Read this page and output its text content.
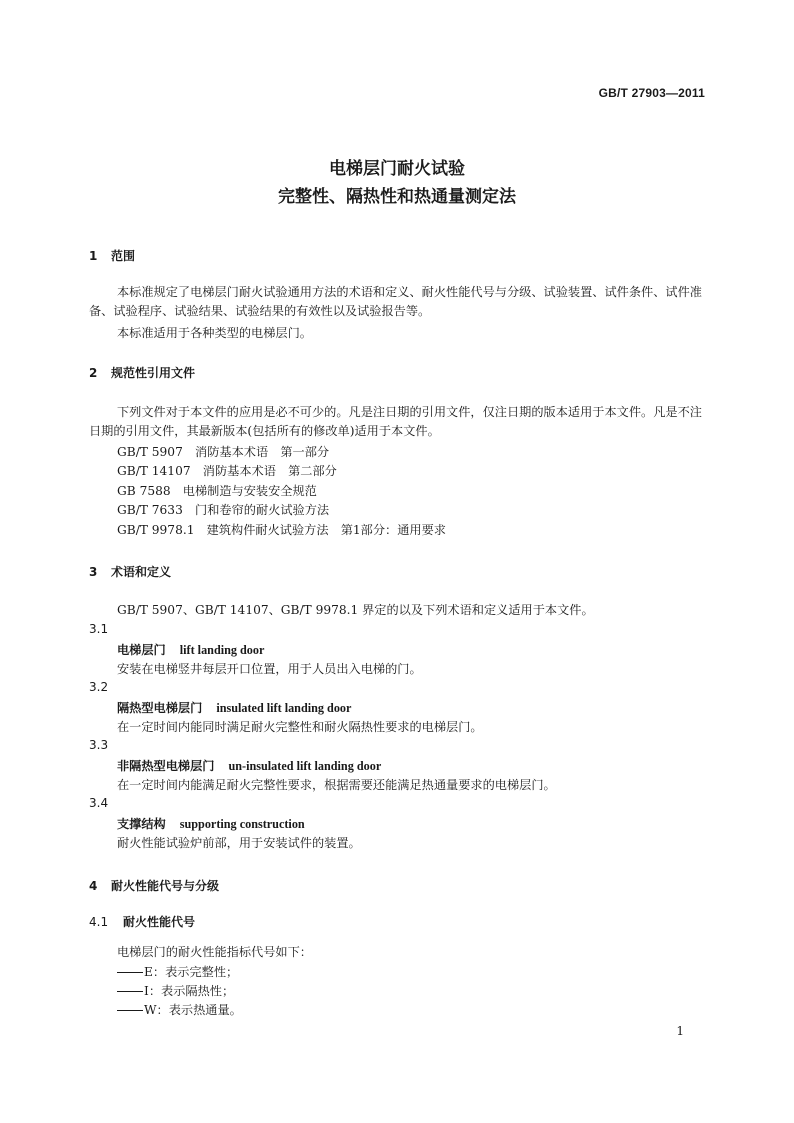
GB/T 27903—2011
电梯层门耐火试验
完整性、隔热性和热通量测定法
1 范围
本标准规定了电梯层门耐火试验通用方法的术语和定义、耐火性能代号与分级、试验装置、试件条件、试件准备、试验程序、试验结果、试验结果的有效性以及试验报告等。
本标准适用于各种类型的电梯层门。
2 规范性引用文件
下列文件对于本文件的应用是必不可少的。凡是注日期的引用文件，仅注日期的版本适用于本文件。凡是不注日期的引用文件，其最新版本(包括所有的修改单)适用于本文件。
GB/T 5907　消防基本术语　第一部分
GB/T 14107　消防基本术语　第二部分
GB 7588　电梯制造与安装安全规范
GB/T 7633　门和卷帘的耐火试验方法
GB/T 9978.1　建筑构件耐火试验方法　第1部分：通用要求
3 术语和定义
GB/T 5907、GB/T 14107、GB/T 9978.1 界定的以及下列术语和定义适用于本文件。
3.1
电梯层门 lift landing door
安装在电梯竖井每层开口位置，用于人员出入电梯的门。
3.2
隔热型电梯层门 insulated lift landing door
在一定时间内能同时满足耐火完整性和耐火隔热性要求的电梯层门。
3.3
非隔热型电梯层门 un-insulated lift landing door
在一定时间内能满足耐火完整性要求，根据需要还能满足热通量要求的电梯层门。
3.4
支撑结构 supporting construction
耐火性能试验炉前部，用于安装试件的装置。
4 耐火性能代号与分级
4.1 耐火性能代号
电梯层门的耐火性能指标代号如下：
E：表示完整性；
I：表示隔热性；
W：表示热通量。
1
